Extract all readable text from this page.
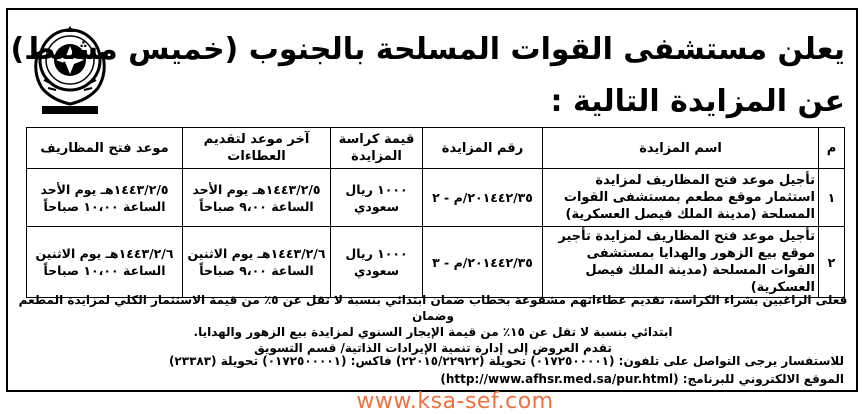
يعلن مستشفى القوات المسلحة بالجنوب (خميس مشيط)
عن المزايدة التالية :
م	اسم المزايدة	رقم المزايدة	قيمة كراسة المزايدة	آخر موعد لتقديم العطاءات	موعد فتح المظاريف
١	تأجيل موعد فتح المظاريف لمزايدة استثمار موقع مطعم بمستشفى القوات المسلحة (مدينة الملك فيصل العسكرية)	٢٠١٤٤٢/٣٥/م - ٢	١٠٠٠ ريال سعودي	١٤٤٣/٢/٥هـ يوم الأحد الساعة ٩،٠٠ صباحاً	١٤٤٣/٢/٥هـ يوم الأحد الساعة ١٠،٠٠ صباحاً
٢	تأجيل موعد فتح المظاريف لمزايدة تأجير موقع بيع الزهور والهدايا بمستشفى القوات المسلحة (مدينة الملك فيصل العسكرية)	٢٠١٤٤٢/٣٥/م - ٣	١٠٠٠ ريال سعودي	١٤٤٣/٢/٦هـ يوم الاثنين الساعة ٩،٠٠ صباحاً	١٤٤٣/٢/٦هـ يوم الاثنين الساعة ١٠،٠٠ صباحاً

فعلى الراغبين بشراء الكراسة، تقديم عطاءاتهم مشفوعة بخطاب ضمان ابتدائي بنسبة لا تقل عن ٥٪ من قيمة الاستثمار الكلي لمزايدة المطعم وضمان

ابتدائي بنسبة لا تقل عن ١٥٪ من قيمة الإيجار السنوي لمزايدة بيع الزهور والهدايا.

تقدم العروض إلى إدارة تنمية الإيرادات الذاتية/ قسم التسويق

للاستفسار يرجى التواصل على تلفون: (٠١٧٢٥٠٠٠٠١) تحويلة (٢٢٠١٥/٢٢٩٢٢) فاكس: (٠١٧٢٥٠٠٠٠١) تحويلة (٢٣٣٨٣)

الموقع الالكتروني للبرنامج: (http://www.afhsr.med.sa/pur.html)

www.ksa-sef.com
